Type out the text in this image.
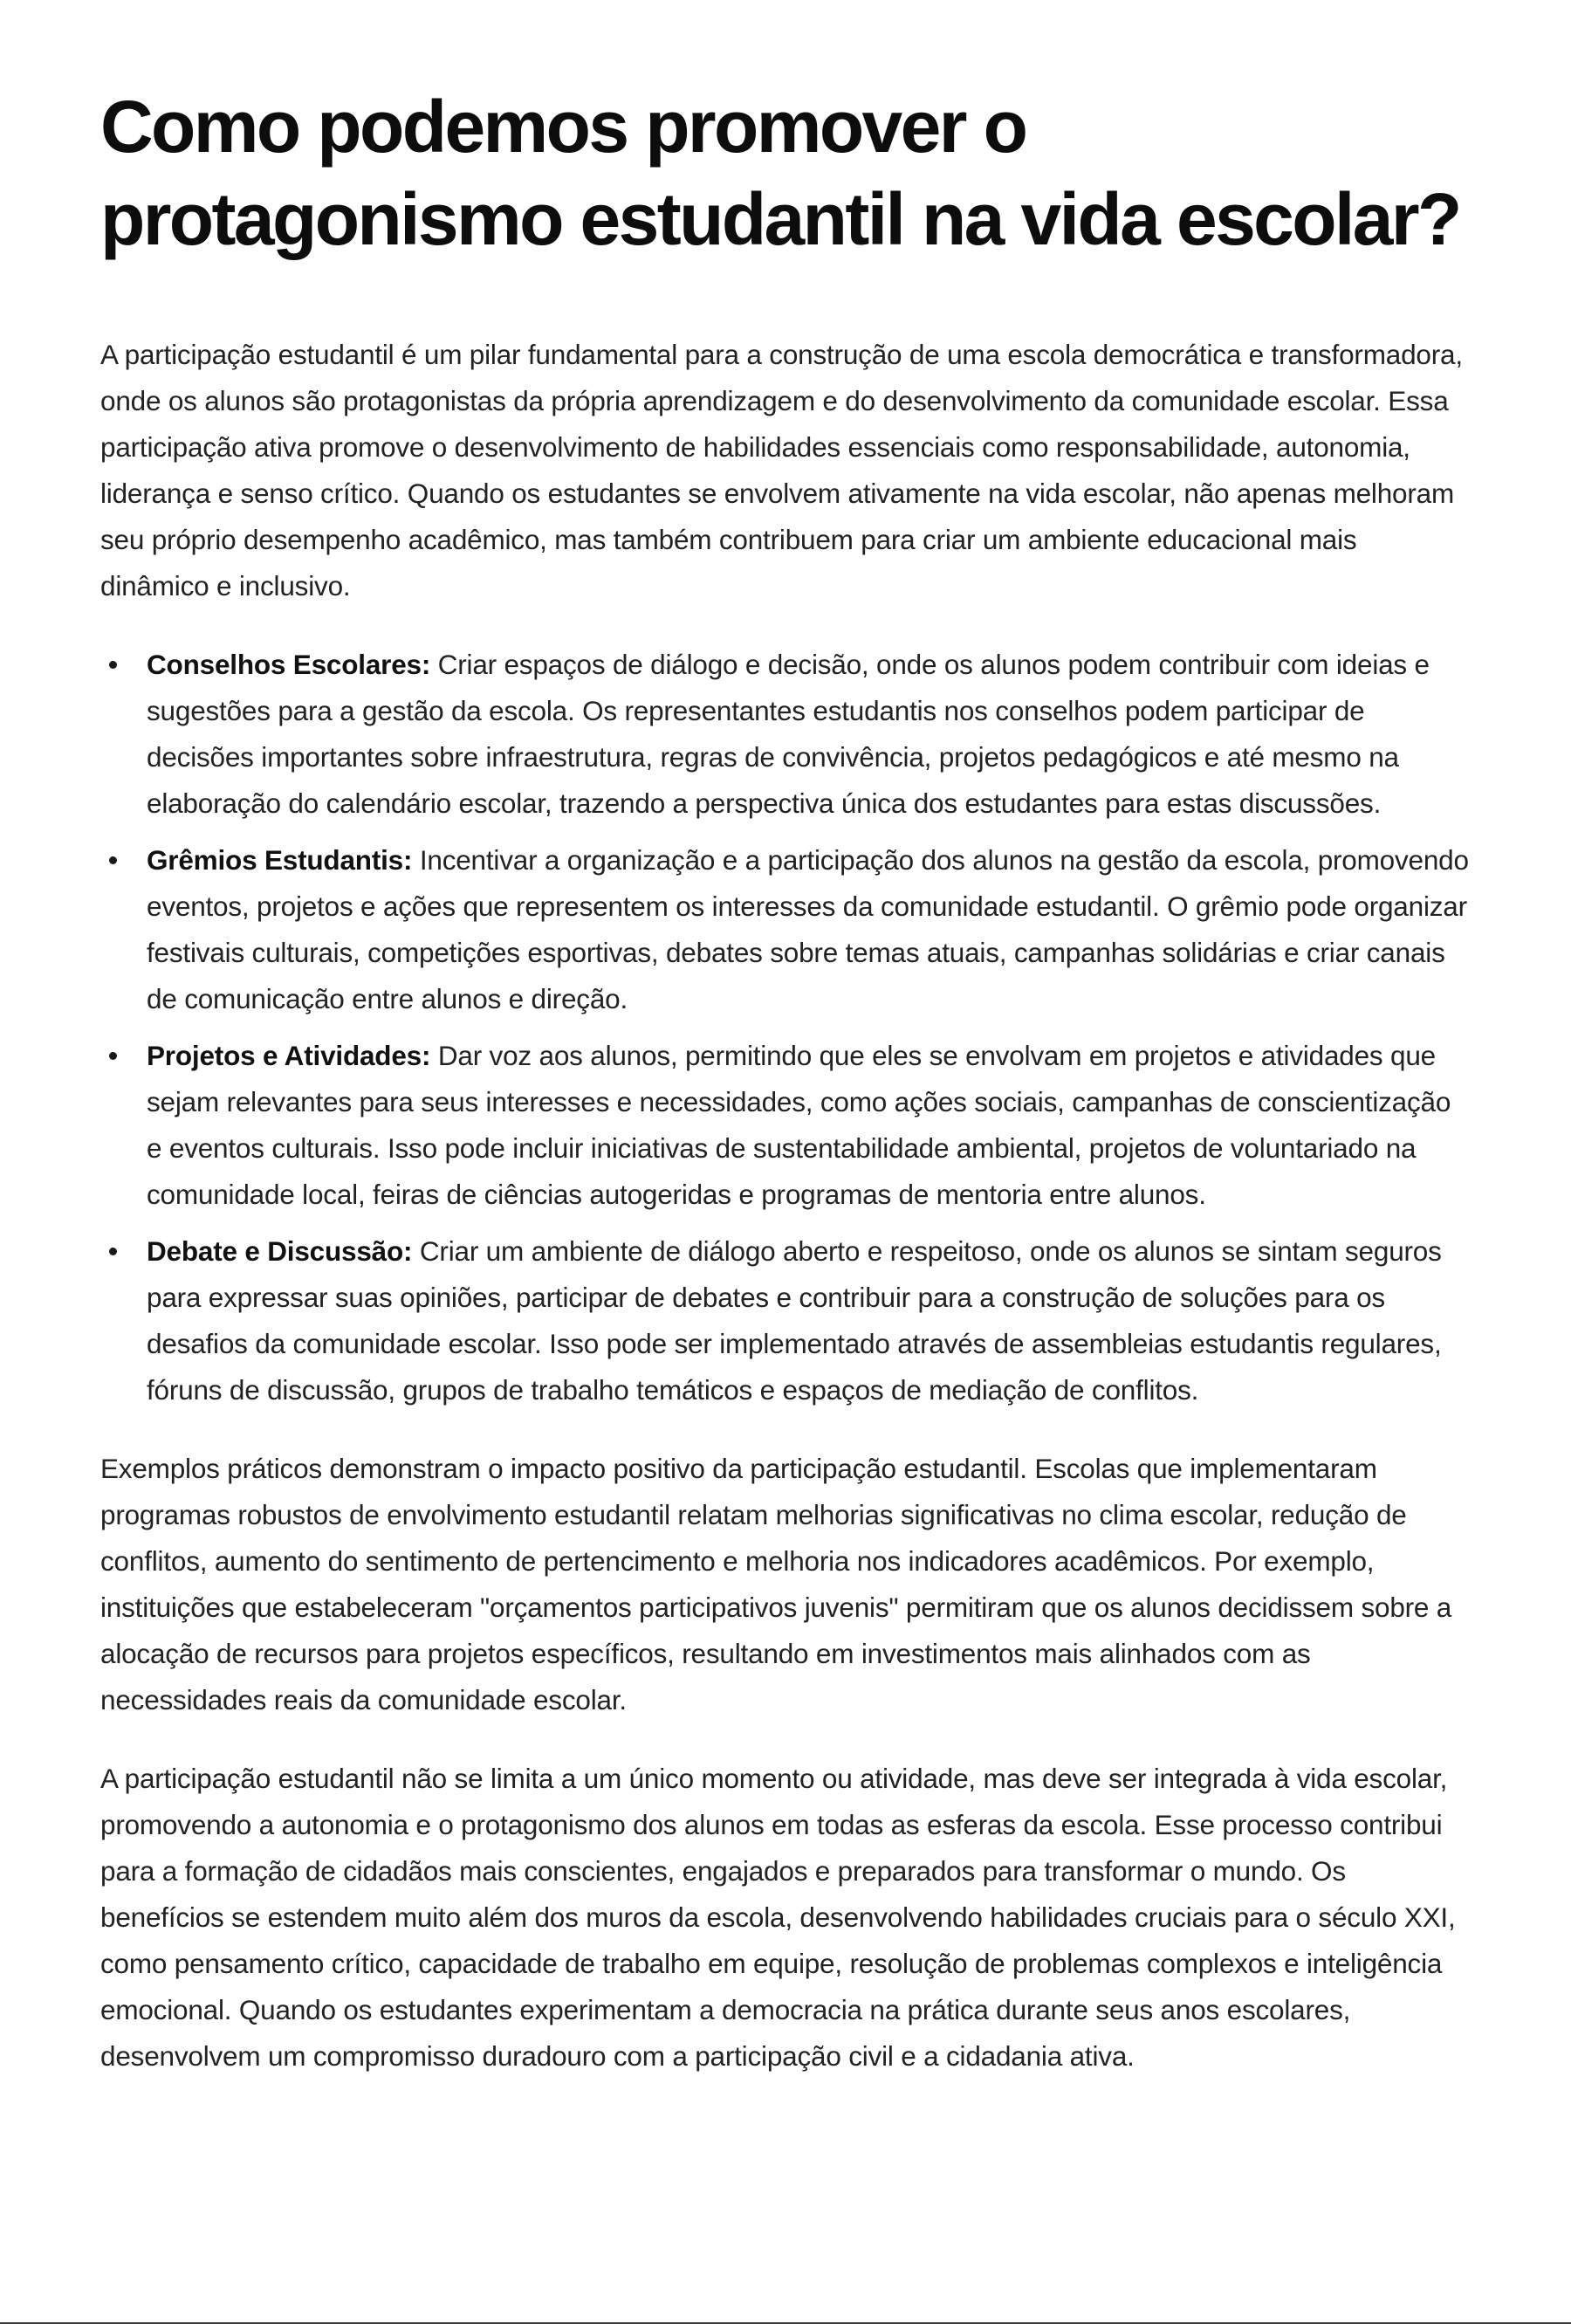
Como podemos promover o protagonismo estudantil na vida escolar?

A participação estudantil é um pilar fundamental para a construção de uma escola democrática e transformadora, onde os alunos são protagonistas da própria aprendizagem e do desenvolvimento da comunidade escolar. Essa participação ativa promove o desenvolvimento de habilidades essenciais como responsabilidade, autonomia, liderança e senso crítico. Quando os estudantes se envolvem ativamente na vida escolar, não apenas melhoram seu próprio desempenho acadêmico, mas também contribuem para criar um ambiente educacional mais dinâmico e inclusivo.

Conselhos Escolares: Criar espaços de diálogo e decisão, onde os alunos podem contribuir com ideias e sugestões para a gestão da escola. Os representantes estudantis nos conselhos podem participar de decisões importantes sobre infraestrutura, regras de convivência, projetos pedagógicos e até mesmo na elaboração do calendário escolar, trazendo a perspectiva única dos estudantes para estas discussões.
Grêmios Estudantis: Incentivar a organização e a participação dos alunos na gestão da escola, promovendo eventos, projetos e ações que representem os interesses da comunidade estudantil. O grêmio pode organizar festivais culturais, competições esportivas, debates sobre temas atuais, campanhas solidárias e criar canais de comunicação entre alunos e direção.
Projetos e Atividades: Dar voz aos alunos, permitindo que eles se envolvam em projetos e atividades que sejam relevantes para seus interesses e necessidades, como ações sociais, campanhas de conscientização e eventos culturais. Isso pode incluir iniciativas de sustentabilidade ambiental, projetos de voluntariado na comunidade local, feiras de ciências autogeridas e programas de mentoria entre alunos.
Debate e Discussão: Criar um ambiente de diálogo aberto e respeitoso, onde os alunos se sintam seguros para expressar suas opiniões, participar de debates e contribuir para a construção de soluções para os desafios da comunidade escolar. Isso pode ser implementado através de assembleias estudantis regulares, fóruns de discussão, grupos de trabalho temáticos e espaços de mediação de conflitos.

Exemplos práticos demonstram o impacto positivo da participação estudantil. Escolas que implementaram programas robustos de envolvimento estudantil relatam melhorias significativas no clima escolar, redução de conflitos, aumento do sentimento de pertencimento e melhoria nos indicadores acadêmicos. Por exemplo, instituições que estabeleceram "orçamentos participativos juvenis" permitiram que os alunos decidissem sobre a alocação de recursos para projetos específicos, resultando em investimentos mais alinhados com as necessidades reais da comunidade escolar.

A participação estudantil não se limita a um único momento ou atividade, mas deve ser integrada à vida escolar, promovendo a autonomia e o protagonismo dos alunos em todas as esferas da escola. Esse processo contribui para a formação de cidadãos mais conscientes, engajados e preparados para transformar o mundo. Os benefícios se estendem muito além dos muros da escola, desenvolvendo habilidades cruciais para o século XXI, como pensamento crítico, capacidade de trabalho em equipe, resolução de problemas complexos e inteligência emocional. Quando os estudantes experimentam a democracia na prática durante seus anos escolares, desenvolvem um compromisso duradouro com a participação civil e a cidadania ativa.
